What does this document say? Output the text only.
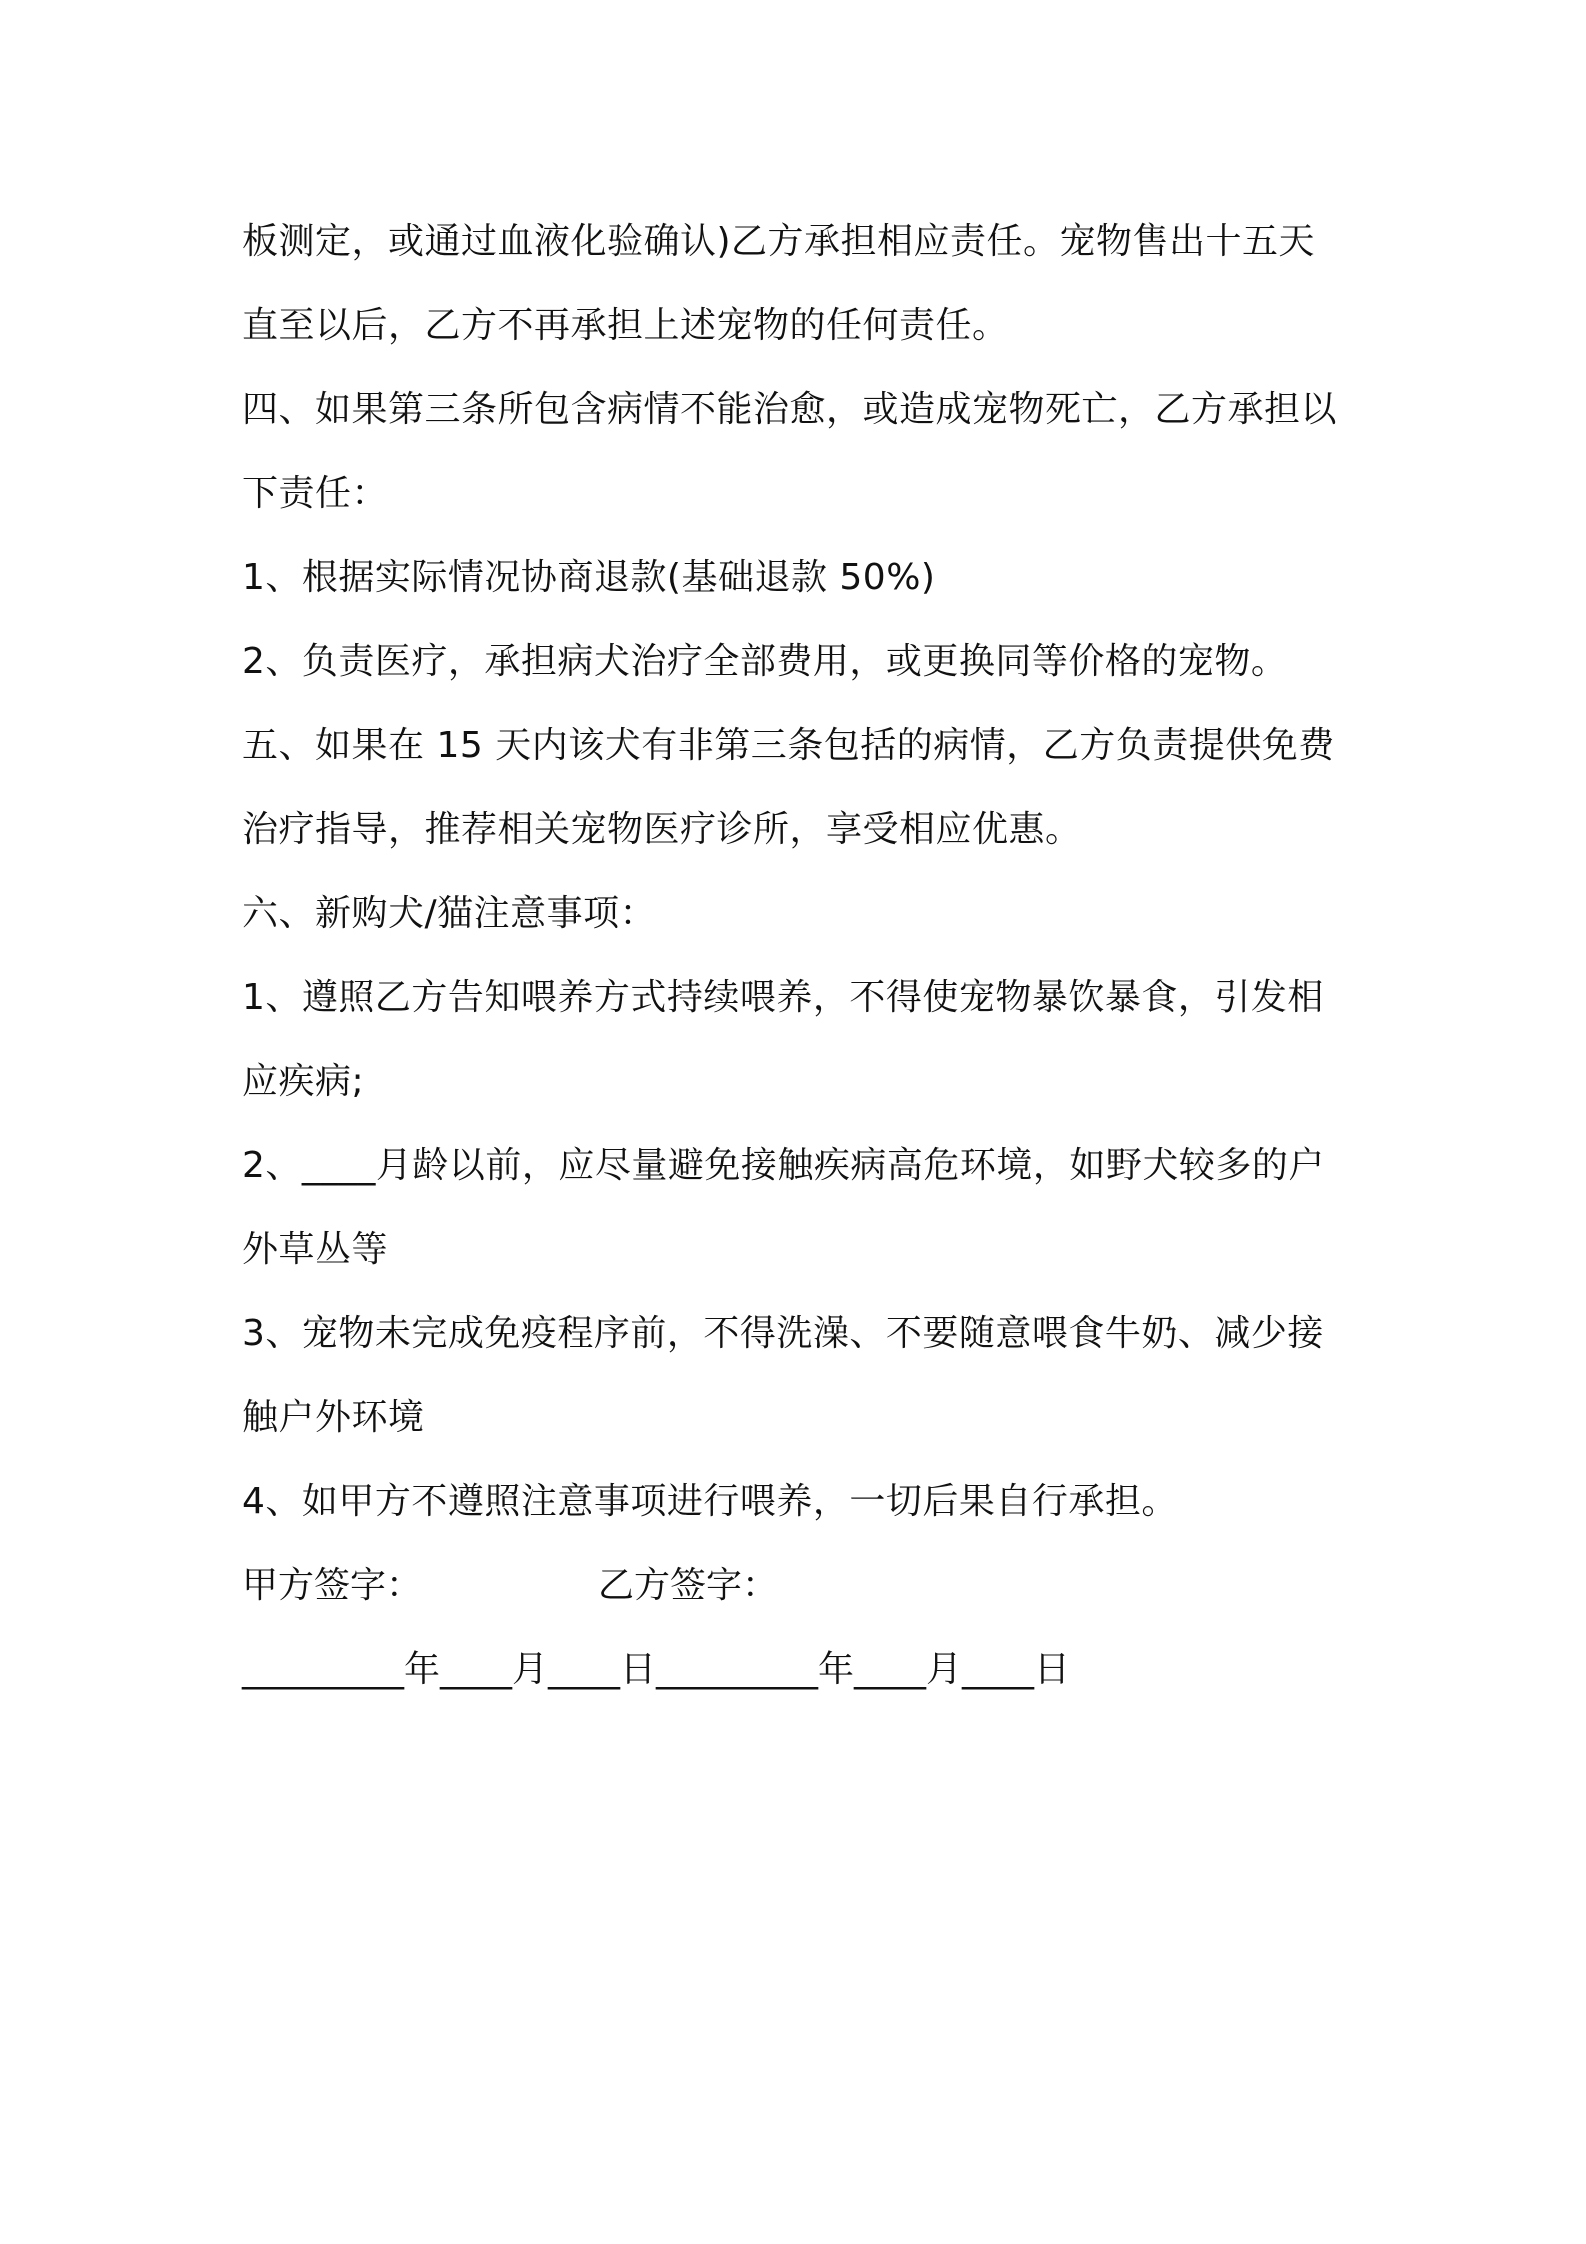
板测定，或通过血液化验确认)乙方承担相应责任。宠物售出十五天
直至以后，乙方不再承担上述宠物的任何责任。
四、如果第三条所包含病情不能治愈，或造成宠物死亡，乙方承担以
下责任：
1、根据实际情况协商退款(基础退款 50%)
2、负责医疗，承担病犬治疗全部费用，或更换同等价格的宠物。
五、如果在 15 天内该犬有非第三条包括的病情，乙方负责提供免费
治疗指导，推荐相关宠物医疗诊所，享受相应优惠。
六、新购犬/猫注意事项：
1、遵照乙方告知喂养方式持续喂养，不得使宠物暴饮暴食，引发相
应疾病;
2、____月龄以前，应尽量避免接触疾病高危环境，如野犬较多的户
外草丛等
3、宠物未完成免疫程序前，不得洗澡、不要随意喂食牛奶、减少接
触户外环境
4、如甲方不遵照注意事项进行喂养，一切后果自行承担。
甲方签字：	乙方签字：
_________年____月____日_________年____月____日
